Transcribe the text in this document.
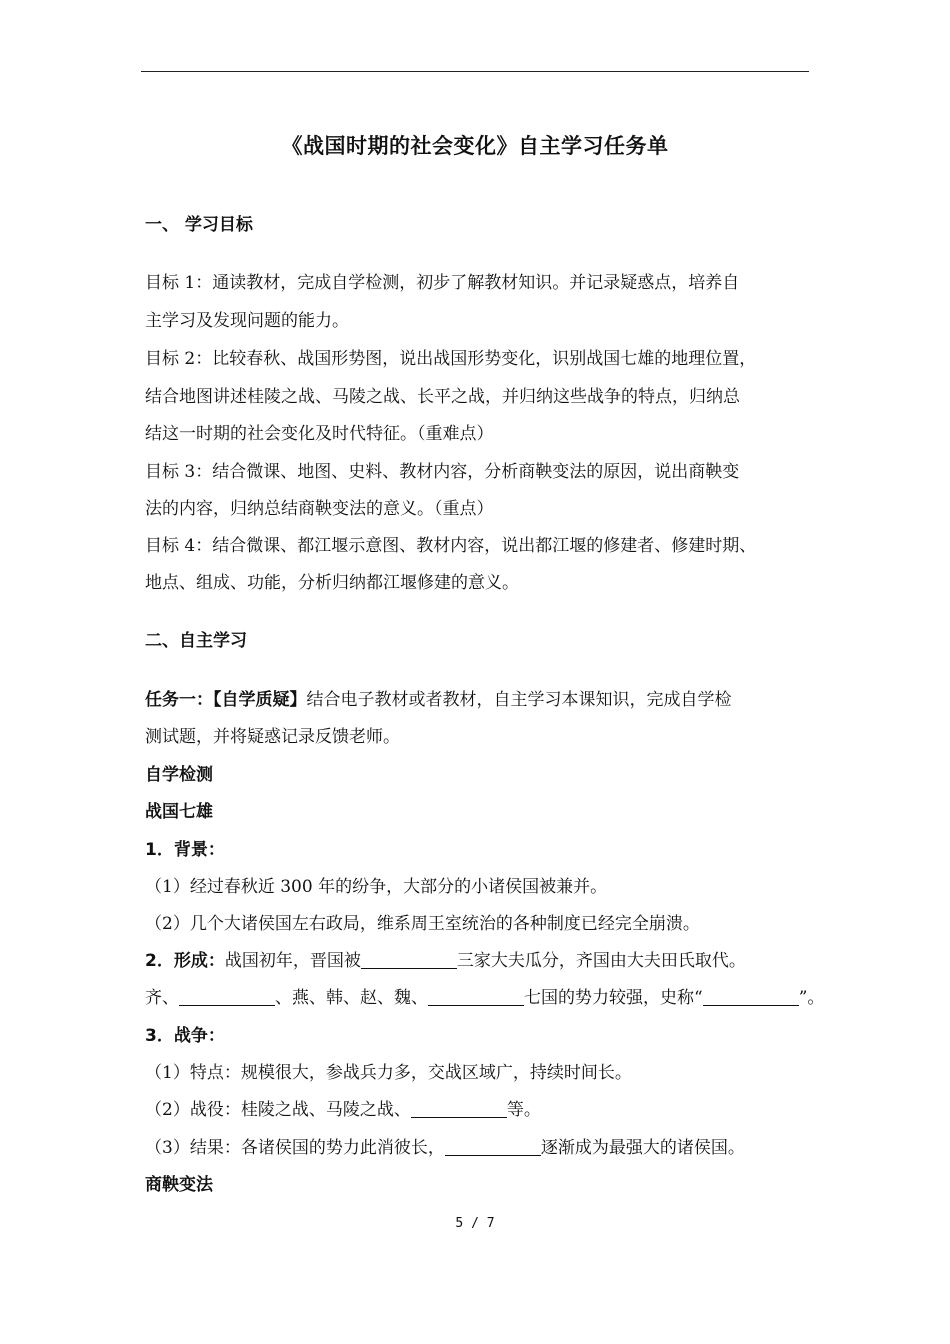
《战国时期的社会变化》自主学习任务单
一、 学习目标
目标 1：通读教材，完成自学检测，初步了解教材知识。并记录疑惑点，培养自
主学习及发现问题的能力。
目标 2：比较春秋、战国形势图，说出战国形势变化，识别战国七雄的地理位置，
结合地图讲述桂陵之战、马陵之战、长平之战，并归纳这些战争的特点，归纳总
结这一时期的社会变化及时代特征。（重难点）
目标 3：结合微课、地图、史料、教材内容，分析商鞅变法的原因，说出商鞅变
法的内容，归纳总结商鞅变法的意义。（重点）
目标 4：结合微课、都江堰示意图、教材内容，说出都江堰的修建者、修建时期、
地点、组成、功能，分析归纳都江堰修建的意义。
二、自主学习
任务一：【自学质疑】结合电子教材或者教材，自主学习本课知识，完成自学检
测试题，并将疑惑记录反馈老师。
自学检测
战国七雄
1．背景：
（1）经过春秋近 300 年的纷争，大部分的小诸侯国被兼并。
（2）几个大诸侯国左右政局，维系周王室统治的各种制度已经完全崩溃。
2．形成：战国初年，晋国被	三家大夫瓜分，齐国由大夫田氏取代。
齐、	、燕、韩、赵、魏、	七国的势力较强，史称“	”。
3．战争：
（1）特点：规模很大，参战兵力多，交战区域广，持续时间长。
（2）战役：桂陵之战、马陵之战、	等。
（3）结果：各诸侯国的势力此消彼长，	逐渐成为最强大的诸侯国。
商鞅变法
5 / 7
